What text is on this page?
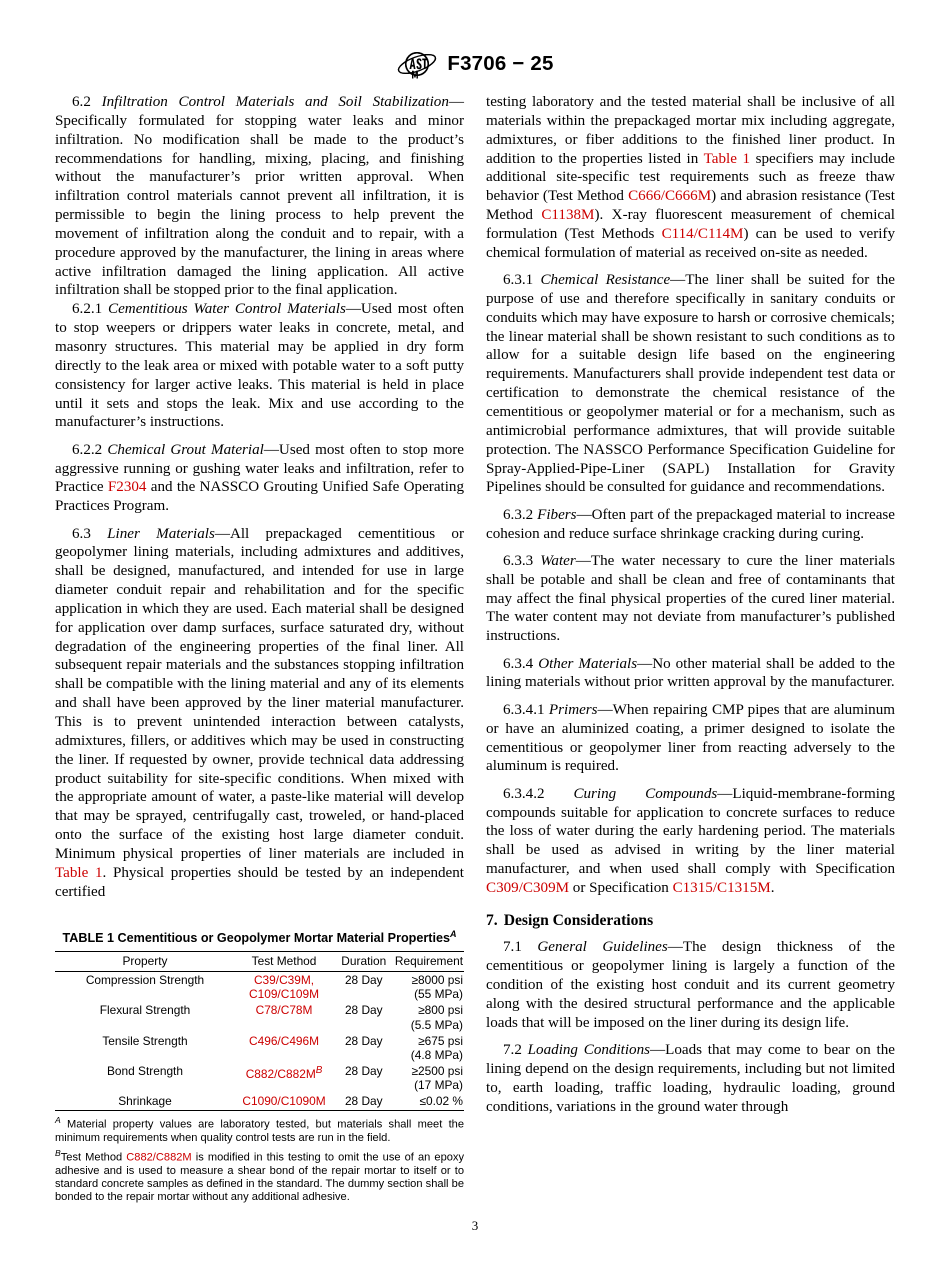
F3706 − 25

6.2 Infiltration Control Materials and Soil Stabilization—Specifically formulated for stopping water leaks and minor infiltration. No modification shall be made to the product’s recommendations for handling, mixing, placing, and finishing without the manufacturer’s prior written approval. When infiltration control materials cannot prevent all infiltration, it is permissible to begin the lining process to help prevent the movement of infiltration along the conduit and to repair, with a procedure approved by the manufacturer, the lining in areas where active infiltration damaged the lining application. All active infiltration shall be stopped prior to the final application.

6.2.1 Cementitious Water Control Materials—Used most often to stop weepers or drippers water leaks in concrete, metal, and masonry structures. This material may be applied in dry form directly to the leak area or mixed with potable water to a soft putty consistency for larger active leaks. This material is held in place until it sets and stops the leak. Mix and use according to the manufacturer’s instructions.

6.2.2 Chemical Grout Material—Used most often to stop more aggressive running or gushing water leaks and infiltration, refer to Practice F2304 and the NASSCO Grouting Unified Safe Operating Practices Program.

6.3 Liner Materials—All prepackaged cementitious or geopolymer lining materials, including admixtures and additives, shall be designed, manufactured, and intended for use in large diameter conduit repair and rehabilitation and for the specific application in which they are used. Each material shall be designed for application over damp surfaces, surface saturated dry, without degradation of the engineering properties of the final liner. All subsequent repair materials and the substances stopping infiltration shall be compatible with the lining material and any of its elements and shall have been approved by the liner material manufacturer. This is to prevent unintended interaction between catalysts, admixtures, fillers, or additives which may be used in constructing the liner. If requested by owner, provide technical data addressing product suitability for site-specific conditions. When mixed with the appropriate amount of water, a paste-like material will develop that may be sprayed, centrifugally cast, troweled, or hand-placed onto the surface of the existing host large diameter conduit. Minimum physical properties of liner materials are included in Table 1. Physical properties should be tested by an independent certified

TABLE 1 Cementitious or Geopolymer Mortar Material Properties$^A$
Property	Test Method	Duration	Requirement
Compression Strength	C39/C39M,
C109/C109M	28 Day	≥8000 psi
(55 MPa)

Flexural Strength	C78/C78M	28 Day	≥800 psi
(5.5 MPa)

Tensile Strength	C496/C496M	28 Day	≥675 psi
(4.8 MPa)

Bond Strength	$C882/C882M^B$	28 Day	≥2500 psi
(17 MPa)

Shrinkage	C1090/C1090M	28 Day	≤0.02 %

$^A$ Material property values are laboratory tested, but materials shall meet the minimum requirements when quality control tests are run in the field.

$^B$Test Method C882/C882M is modified in this testing to omit the use of an epoxy adhesive and is used to measure a shear bond of the repair mortar to itself or to standard concrete samples as defined in the standard. The dummy section shall be bonded to the repair mortar without any additional adhesive.

testing laboratory and the tested material shall be inclusive of all materials within the prepackaged mortar mix including aggregate, admixtures, or fiber additions to the finished liner product. In addition to the properties listed in Table 1 specifiers may include additional site-specific test requirements such as freeze thaw behavior (Test Method C666/C666M) and abrasion resistance (Test Method C1138M). X-ray fluorescent measurement of chemical formulation (Test Methods C114/C114M) can be used to verify chemical formulation of material as received on-site as needed.

6.3.1 Chemical Resistance—The liner shall be suited for the purpose of use and therefore specifically in sanitary conduits or conduits which may have exposure to harsh or corrosive chemicals; the linear material shall be shown resistant to such conditions as to allow for a suitable design life based on the engineering requirements. Manufacturers shall provide independent test data or certification to demonstrate the chemical resistance of the cementitious or geopolymer material or for a mechanism, such as antimicrobial performance admixtures, that will provide suitable protection. The NASSCO Performance Specification Guideline for Spray-Applied-Pipe-Liner (SAPL) Installation for Gravity Pipelines should be consulted for guidance and recommendations.

6.3.2 Fibers—Often part of the prepackaged material to increase cohesion and reduce surface shrinkage cracking during curing.

6.3.3 Water—The water necessary to cure the liner materials shall be potable and shall be clean and free of contaminants that may affect the final physical properties of the cured liner material. The water content may not deviate from manufacturer’s published instructions.

6.3.4 Other Materials—No other material shall be added to the lining materials without prior written approval by the manufacturer.

6.3.4.1 Primers—When repairing CMP pipes that are aluminum or have an aluminized coating, a primer designed to isolate the cementitious or geopolymer liner from reacting adversely to the aluminum is required.

6.3.4.2 Curing Compounds—Liquid-membrane-forming compounds suitable for application to concrete surfaces to reduce the loss of water during the early hardening period. The materials shall be used as advised in writing by the liner material manufacturer, and when used shall comply with Specification C309/C309M or Specification C1315/C1315M.

7. Design Considerations

7.1 General Guidelines—The design thickness of the cementitious or geopolymer lining is largely a function of the condition of the existing host conduit and its current geometry along with the desired structural performance and the applicable loads that will be imposed on the liner during its design life.

7.2 Loading Conditions—Loads that may come to bear on the lining depend on the design requirements, including but not limited to, earth loading, traffic loading, hydraulic loading, ground conditions, variations in the ground water through

3
